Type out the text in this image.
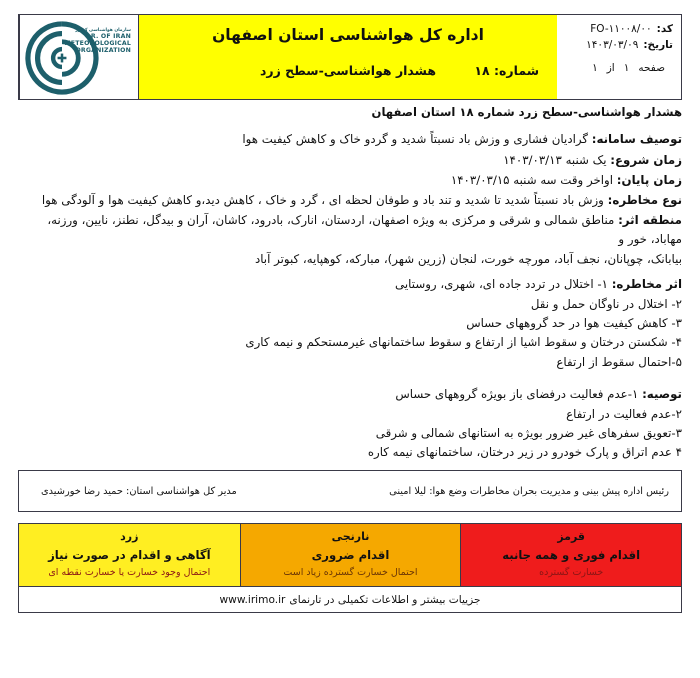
کد:
FO-۱۱۰۰۸/۰۰
تاریخ:
۱۴۰۳/۰۳/۰۹
صفحه
۱
از
۱
اداره کل هواشناسی استان اصفهان
هشدار هواشناسی-سطح زرد	شماره: ۱۸
سازمان هواشناسی کشور
I.R. OF IRAN
METEOROLOGICAL
ORGANIZATION
هشدار هواشناسی-سطح زرد شماره ۱۸ استان اصفهان

توصیف سامانه: گرادیان فشاری و وزش باد نسبتاً شدید و گردو خاک و کاهش کیفیت هوا

زمان شروع: یک شنبه ۱۴۰۳/۰۳/۱۳

زمان پایان: اواخر وقت سه شنبه ۱۴۰۳/۰۳/۱۵

نوع مخاطره: وزش باد نسبتاً شدید تا شدید و تند باد و طوفان لحظه ای ، گرد و خاک ، کاهش دید،و کاهش کیفیت هوا و آلودگی هوا

منطقه اثر: مناطق شمالی و شرقی و مرکزی به ویژه اصفهان، اردستان، انارک، بادرود، کاشان، آران و بیدگل، نطنز، نایین، ورزنه، مهاباد، خور و

بیابانک، چوپانان، نجف آباد، مورچه خورت، لنجان (زرین شهر)، مبارکه، کوهپایه، کبوتر آباد

اثر مخاطره: ۱- اختلال در تردد جاده ای، شهری، روستایی

۲- اختلال در ناوگان حمل و نقل

۳- کاهش کیفیت هوا در حد گروههای حساس

۴- شکستن درختان و سقوط اشیا از ارتفاع و سقوط ساختمانهای غیرمستحکم و نیمه کاری

۵-احتمال سقوط از ارتفاع

توصیه: ۱-عدم فعالیت درفضای باز بویژه گروههای حساس

۲-عدم فعالیت در ارتفاع

۳-تعویق سفرهای غیر ضرور بویژه به استانهای شمالی و شرقی

۴ عدم اتراق و پارک خودرو در زیر درختان، ساختمانهای نیمه کاره

رئیس اداره پیش بینی و مدیریت بحران مخاطرات وضع هوا: لیلا امینی
مدیر کل هواشناسی استان: حمید رضا خورشیدی
قرمز
اقدام فوری و همه جانبه
خسارت گسترده
نارنجی
اقدام ضروری
احتمال خسارت گسترده زیاد است
زرد
آگاهی و اقدام در صورت نیاز
احتمال وجود خسارت یا خسارت نقطه ای
جزییات بیشتر و اطلاعات تکمیلی در تارنمای
www.irimo.ir
